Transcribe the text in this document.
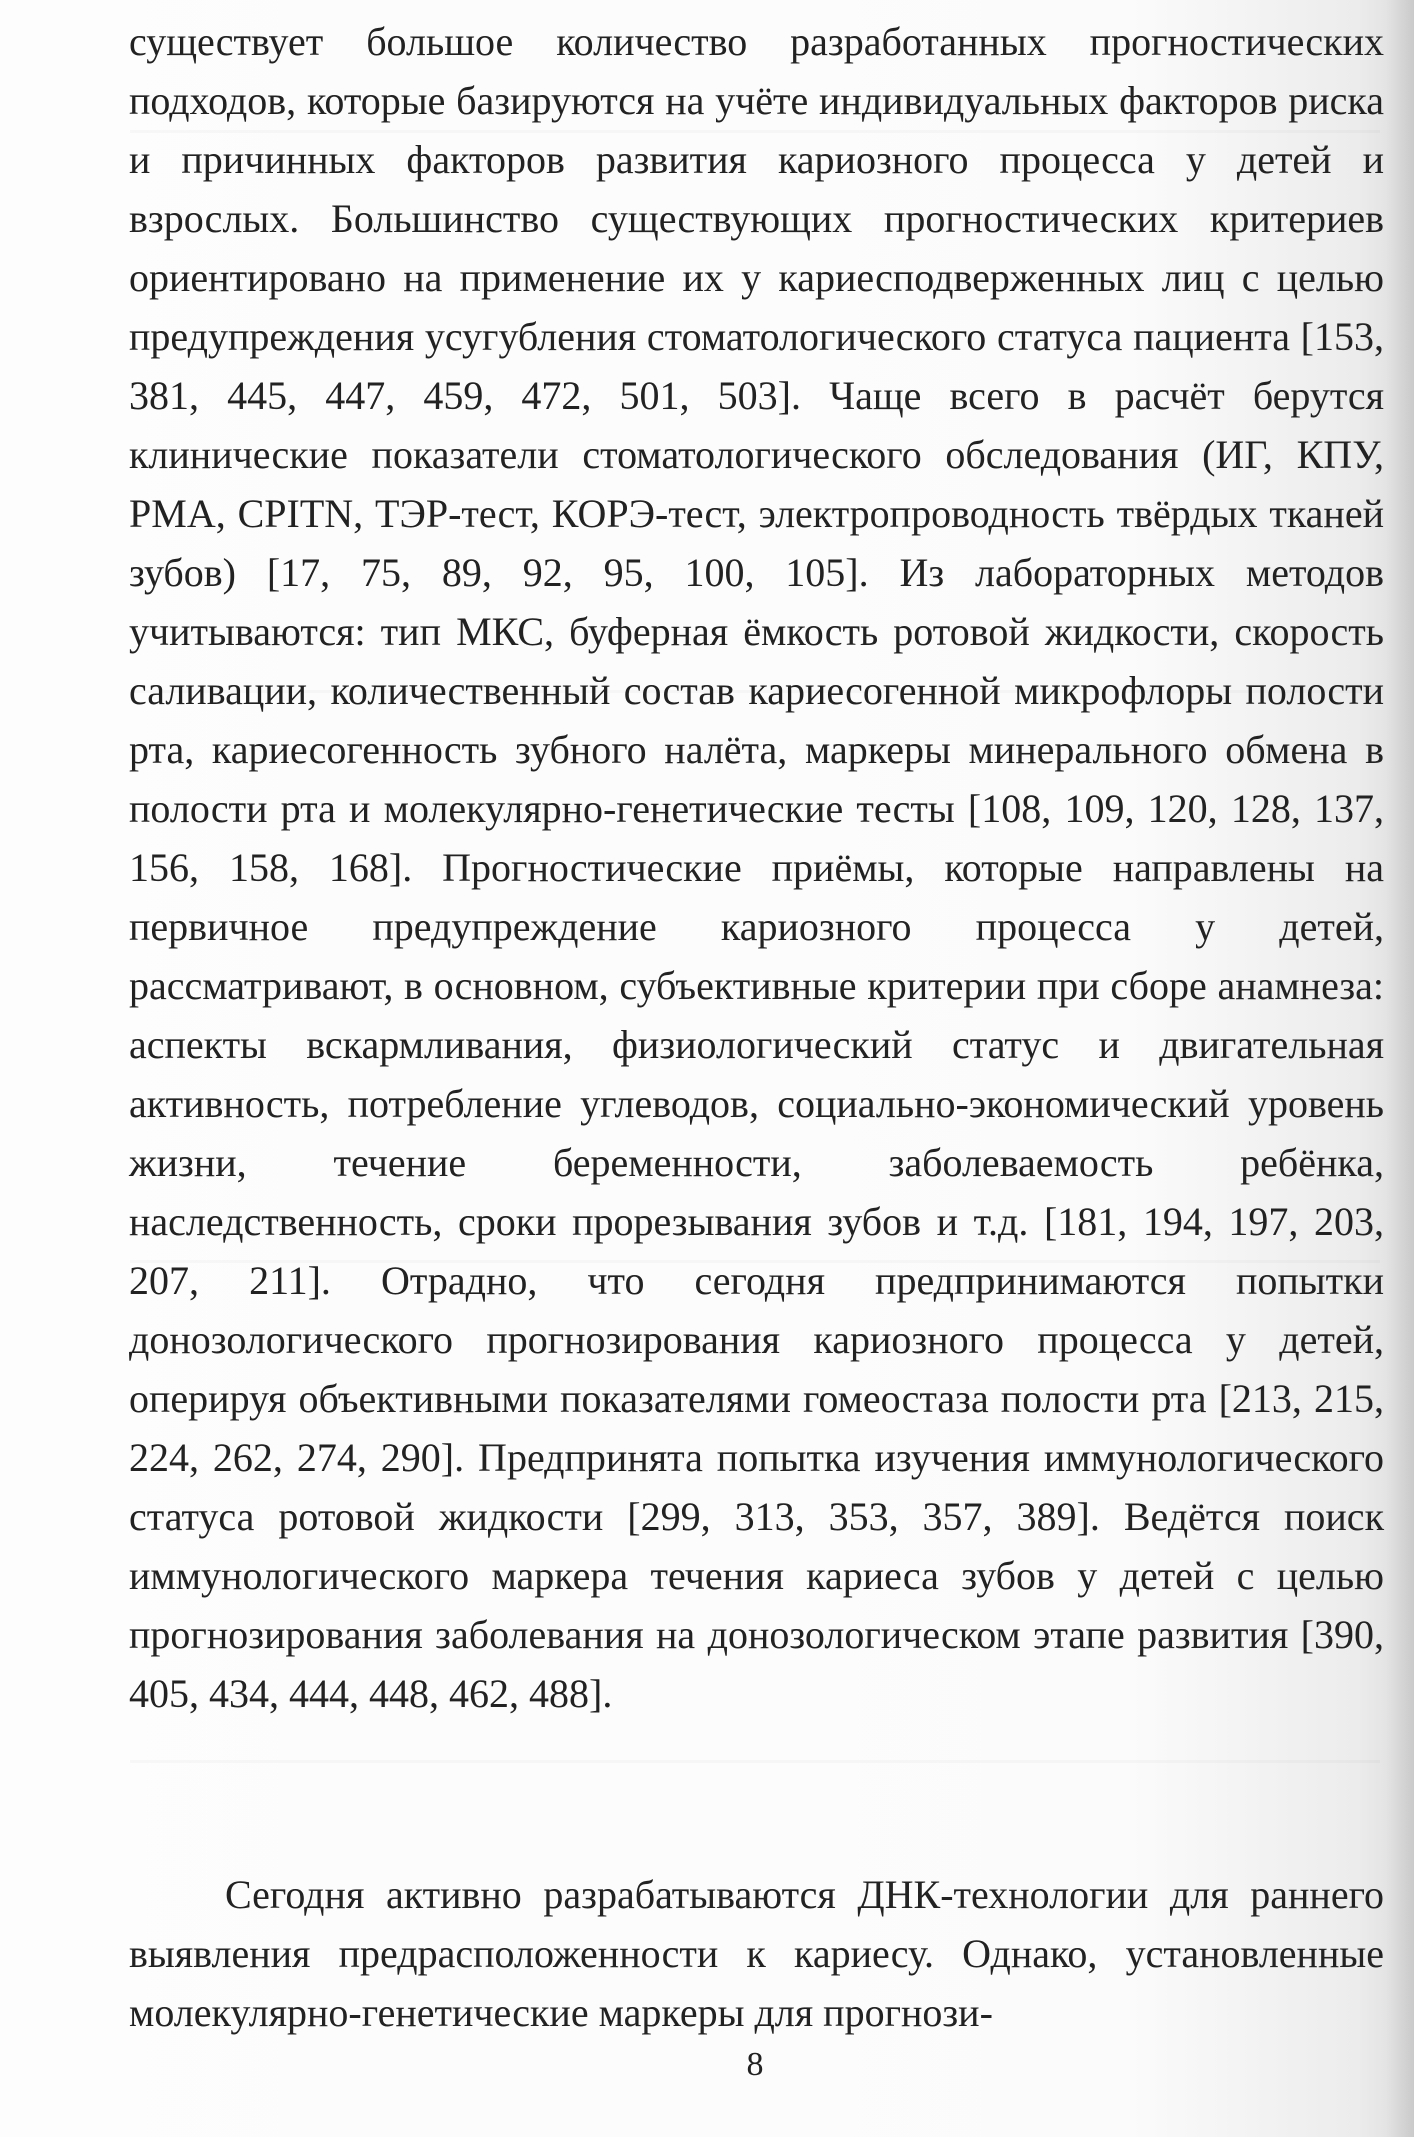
существует большое количество разработанных прогностических подходов, которые базируются на учёте индивидуальных факторов риска и причинных факторов развития кариозного процесса у детей и взрослых. Большинство существующих прогностических критериев ориентировано на применение их у кариесподверженных лиц с целью предупреждения усугубления стоматологического статуса пациента [153, 381, 445, 447, 459, 472, 501, 503]. Чаще всего в расчёт берутся клинические показатели стоматологического обследования (ИГ, КПУ, РМА, CPITN, ТЭР-тест, КОРЭ-тест, электропроводность твёрдых тканей зубов) [17, 75, 89, 92, 95, 100, 105]. Из лабораторных методов учитываются: тип МКС, буферная ёмкость ротовой жидкости, скорость саливации, количественный состав кариесогенной микрофлоры полости рта, кариесогенность зубного налёта, маркеры минерального обмена в полости рта и молекулярно-генетические тесты [108, 109, 120, 128, 137, 156, 158, 168]. Прогностические приёмы, которые направлены на первичное предупреждение кариозного процесса у детей, рассматривают, в основном, субъективные критерии при сборе анамнеза: аспекты вскармливания, физиологический статус и двигательная активность, потребление углеводов, социально-экономический уровень жизни, течение беременности, заболеваемость ребёнка, наследственность, сроки прорезывания зубов и т.д. [181, 194, 197, 203, 207, 211]. Отрадно, что сегодня предпринимаются попытки донозологического прогнозирования кариозного процесса у детей, оперируя объективными показателями гомеостаза полости рта [213, 215, 224, 262, 274, 290]. Предпринята попытка изучения иммунологического статуса ротовой жидкости [299, 313, 353, 357, 389]. Ведётся поиск иммунологического маркера течения кариеса зубов у детей с целью прогнозирования заболевания на донозологическом этапе развития [390, 405, 434, 444, 448, 462, 488].

Сегодня активно разрабатываются ДНК-технологии для раннего выявления предрасположенности к кариесу. Однако, установленные молекулярно-генетические маркеры для прогнози-

8
